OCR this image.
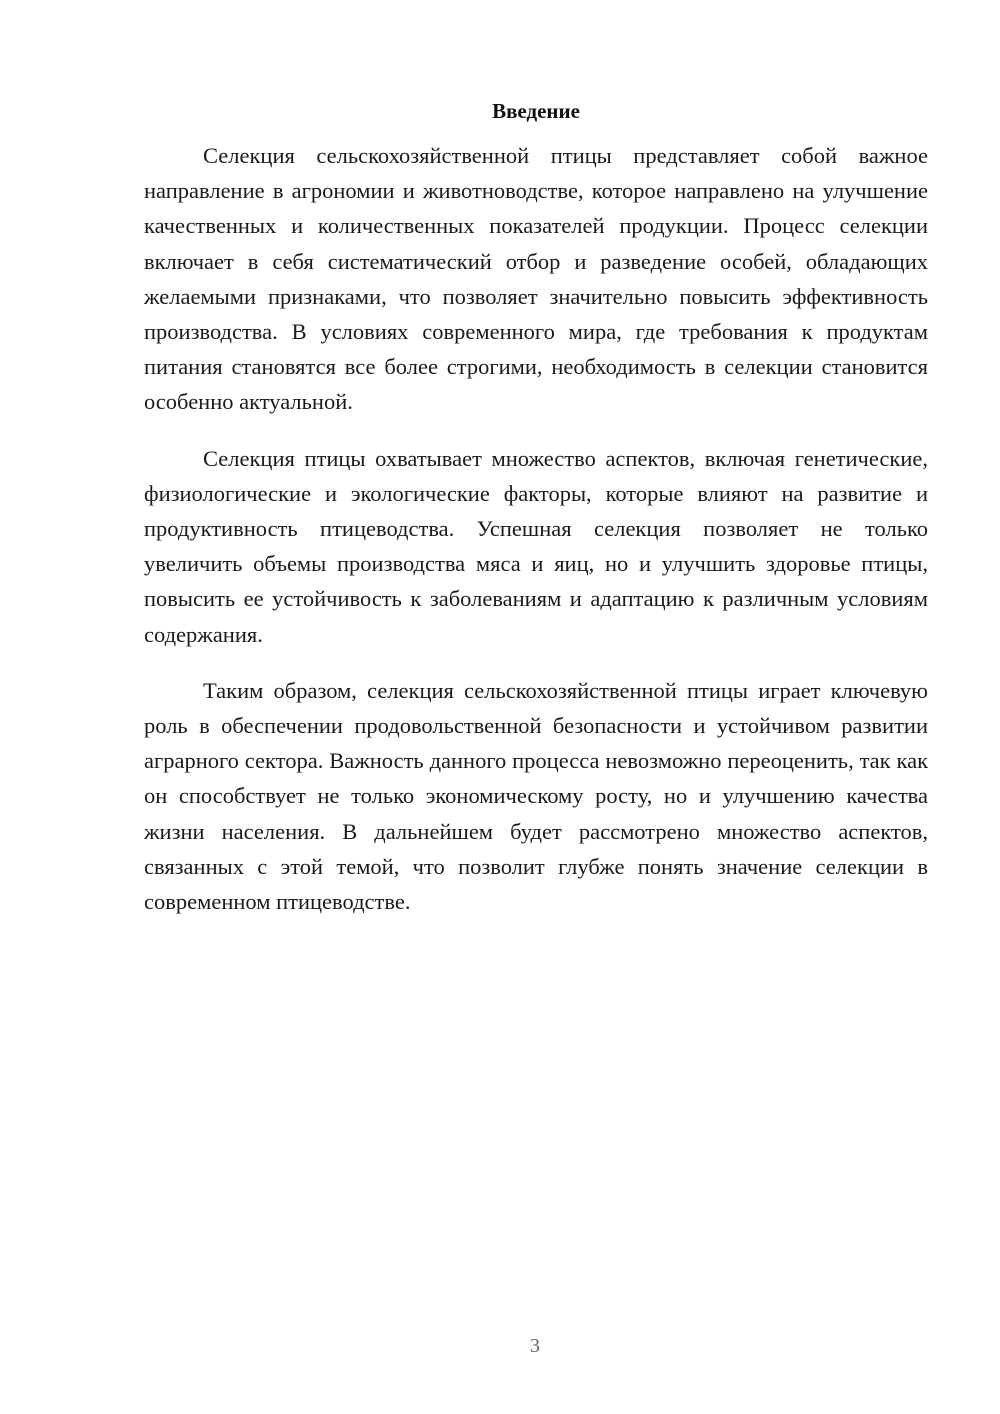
Введение

Селекция сельскохозяйственной птицы представляет собой важное направление в агрономии и животноводстве, которое направлено на улучшение качественных и количественных показателей продукции. Процесс селекции включает в себя систематический отбор и разведение особей, обладающих желаемыми признаками, что позволяет значительно повысить эффективность производства. В условиях современного мира, где требования к продуктам питания становятся все более строгими, необходимость в селекции становится особенно актуальной.

Селекция птицы охватывает множество аспектов, включая генетические, физиологические и экологические факторы, которые влияют на развитие и продуктивность птицеводства. Успешная селекция позволяет не только увеличить объемы производства мяса и яиц, но и улучшить здоровье птицы, повысить ее устойчивость к заболеваниям и адаптацию к различным условиям содержания.

Таким образом, селекция сельскохозяйственной птицы играет ключевую роль в обеспечении продовольственной безопасности и устойчивом развитии аграрного сектора. Важность данного процесса невозможно переоценить, так как он способствует не только экономическому росту, но и улучшению качества жизни населения. В дальнейшем будет рассмотрено множество аспектов, связанных с этой темой, что позволит глубже понять значение селекции в современном птицеводстве.

3
